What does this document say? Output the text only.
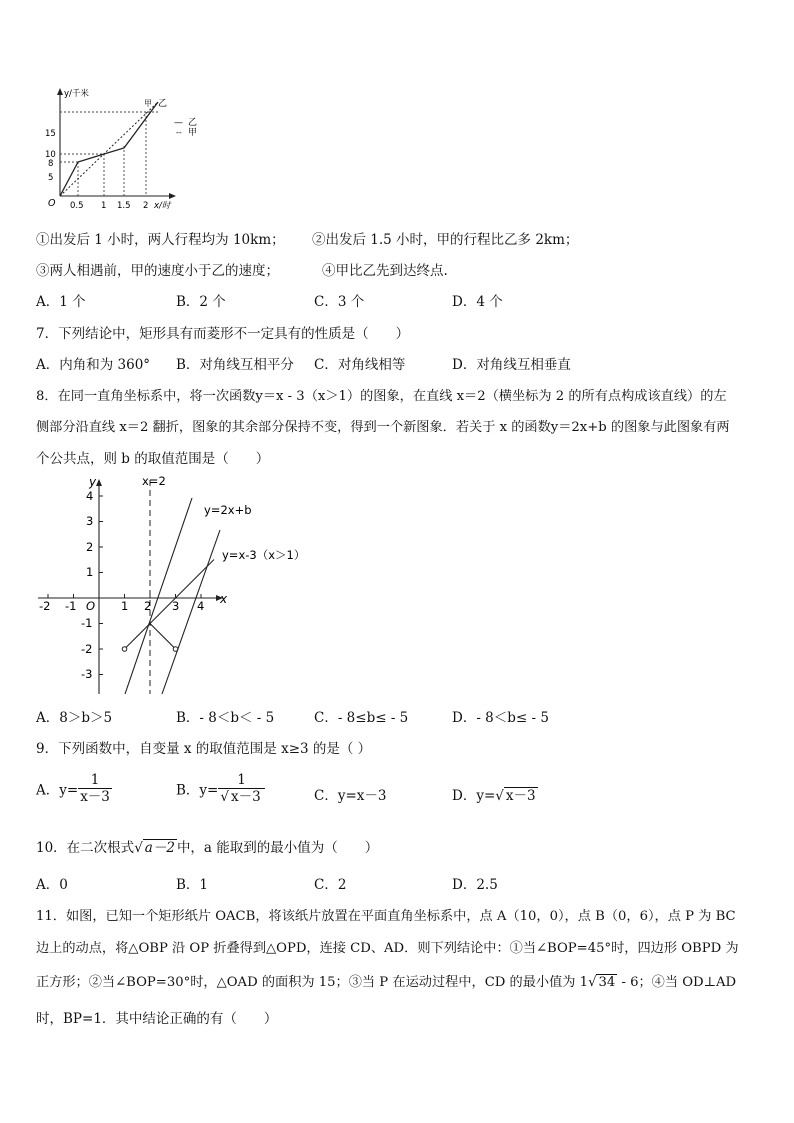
y/千米
甲 乙
15
10
8
5
O 0.5 1 1.5 2 x/时
— 乙
-- 甲
①出发后 1 小时，两人行程均为 10km； ②出发后 1.5 小时，甲的行程比乙多 2km；
③两人相遇前，甲的速度小于乙的速度；	④甲比乙先到达终点.
A．1 个	B．2 个	C．3 个	D．4 个
7．下列结论中，矩形具有而菱形不一定具有的性质是（　　）
A．内角和为 360° B．对角线互相平分 C．对角线相等	D．对角线互相垂直
8．在同一直角坐标系中，将一次函数y＝x - 3（x＞1）的图象，在直线 x＝2（横坐标为 2 的所有点构成该直线）的左
侧部分沿直线 x＝2 翻折，图象的其余部分保持不变，得到一个新图象．若关于 x 的函数y＝2x+b 的图象与此图象有两
个公共点，则 b 的取值范围是（　　）
y
x
x=2
y=2x+b
y=x-3（x＞1）
O
-2 -1	1 2 3 4
4
3
2
1
-1
-2
-3
A．8＞b＞5	B．- 8＜b＜ - 5	C．- 8≤b≤ - 5	D．- 8＜b≤ - 5
9．下列函数中，自变量 x 的取值范围是 x≥3 的是（ ）
A．$y= \frac{1}{x-3}$	B．$y= \frac{1}{√ x-3}$	C．y=x－3	D．y=√ x－3
10．在二次根式√ a－2 中，a 能取到的最小值为（　　）
A．0	B．1	C．2	D．2.5
11．如图，已知一个矩形纸片 OACB，将该纸片放置在平面直角坐标系中，点 A（10，0），点 B（0，6），点 P 为 BC
边上的动点，将△OBP 沿 OP 折叠得到△OPD，连接 CD、AD．则下列结论中：①当∠BOP=45°时，四边形 OBPD 为
正方形；②当∠BOP=30°时，△OAD 的面积为 15；③当 P 在运动过程中，CD 的最小值为 1√ 34 - 6；④当 OD⊥AD
时，BP=1．其中结论正确的有（　　）
